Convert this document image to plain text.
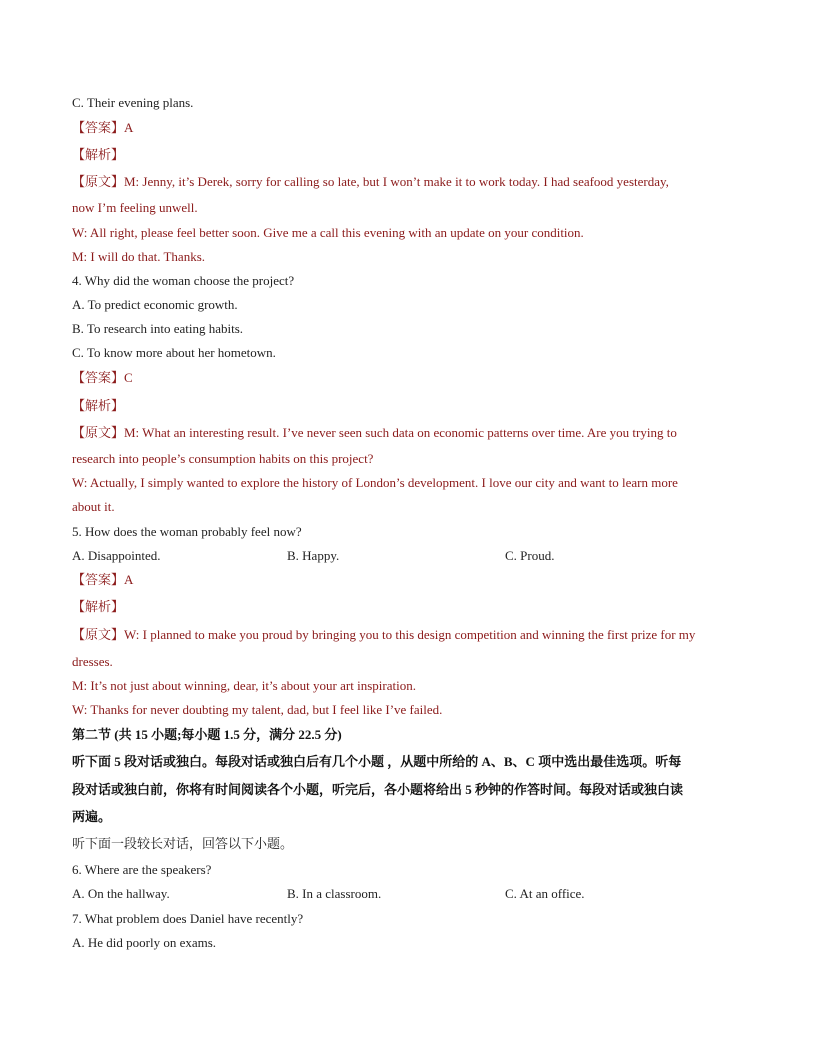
C. Their evening plans.
【答案】A
【解析】
【原文】M: Jenny, it’s Derek, sorry for calling so late, but I won’t make it to work today. I had seafood yesterday,
now I’m feeling unwell.
W: All right, please feel better soon. Give me a call this evening with an update on your condition.
M: I will do that. Thanks.
4. Why did the woman choose the project?
A. To predict economic growth.
B. To research into eating habits.
C. To know more about her hometown.
【答案】C
【解析】
【原文】M: What an interesting result. I’ve never seen such data on economic patterns over time. Are you trying to
research into people’s consumption habits on this project?
W: Actually, I simply wanted to explore the history of London’s development. I love our city and want to learn more
about it.
5. How does the woman probably feel now?
A. Disappointed.	B. Happy.	C. Proud.
【答案】A
【解析】
【原文】W: I planned to make you proud by bringing you to this design competition and winning the first prize for my
dresses.
M: It’s not just about winning, dear, it’s about your art inspiration.
W: Thanks for never doubting my talent, dad, but I feel like I’ve failed.
第二节 (共 15 小题;每小题 1.5 分，满分 22.5 分)
听下面 5 段对话或独白。每段对话或独白后有几个小题 ，从题中所给的 A、B、C 项中选出最佳选项。听每
段对话或独白前，你将有时间阅读各个小题，听完后，各小题将给出 5 秒钟的作答时间。每段对话或独白读
两遍。
听下面一段较长对话，回答以下小题。
6. Where are the speakers?
A. On the hallway.	B. In a classroom.	C. At an office.
7. What problem does Daniel have recently?
A. He did poorly on exams.
